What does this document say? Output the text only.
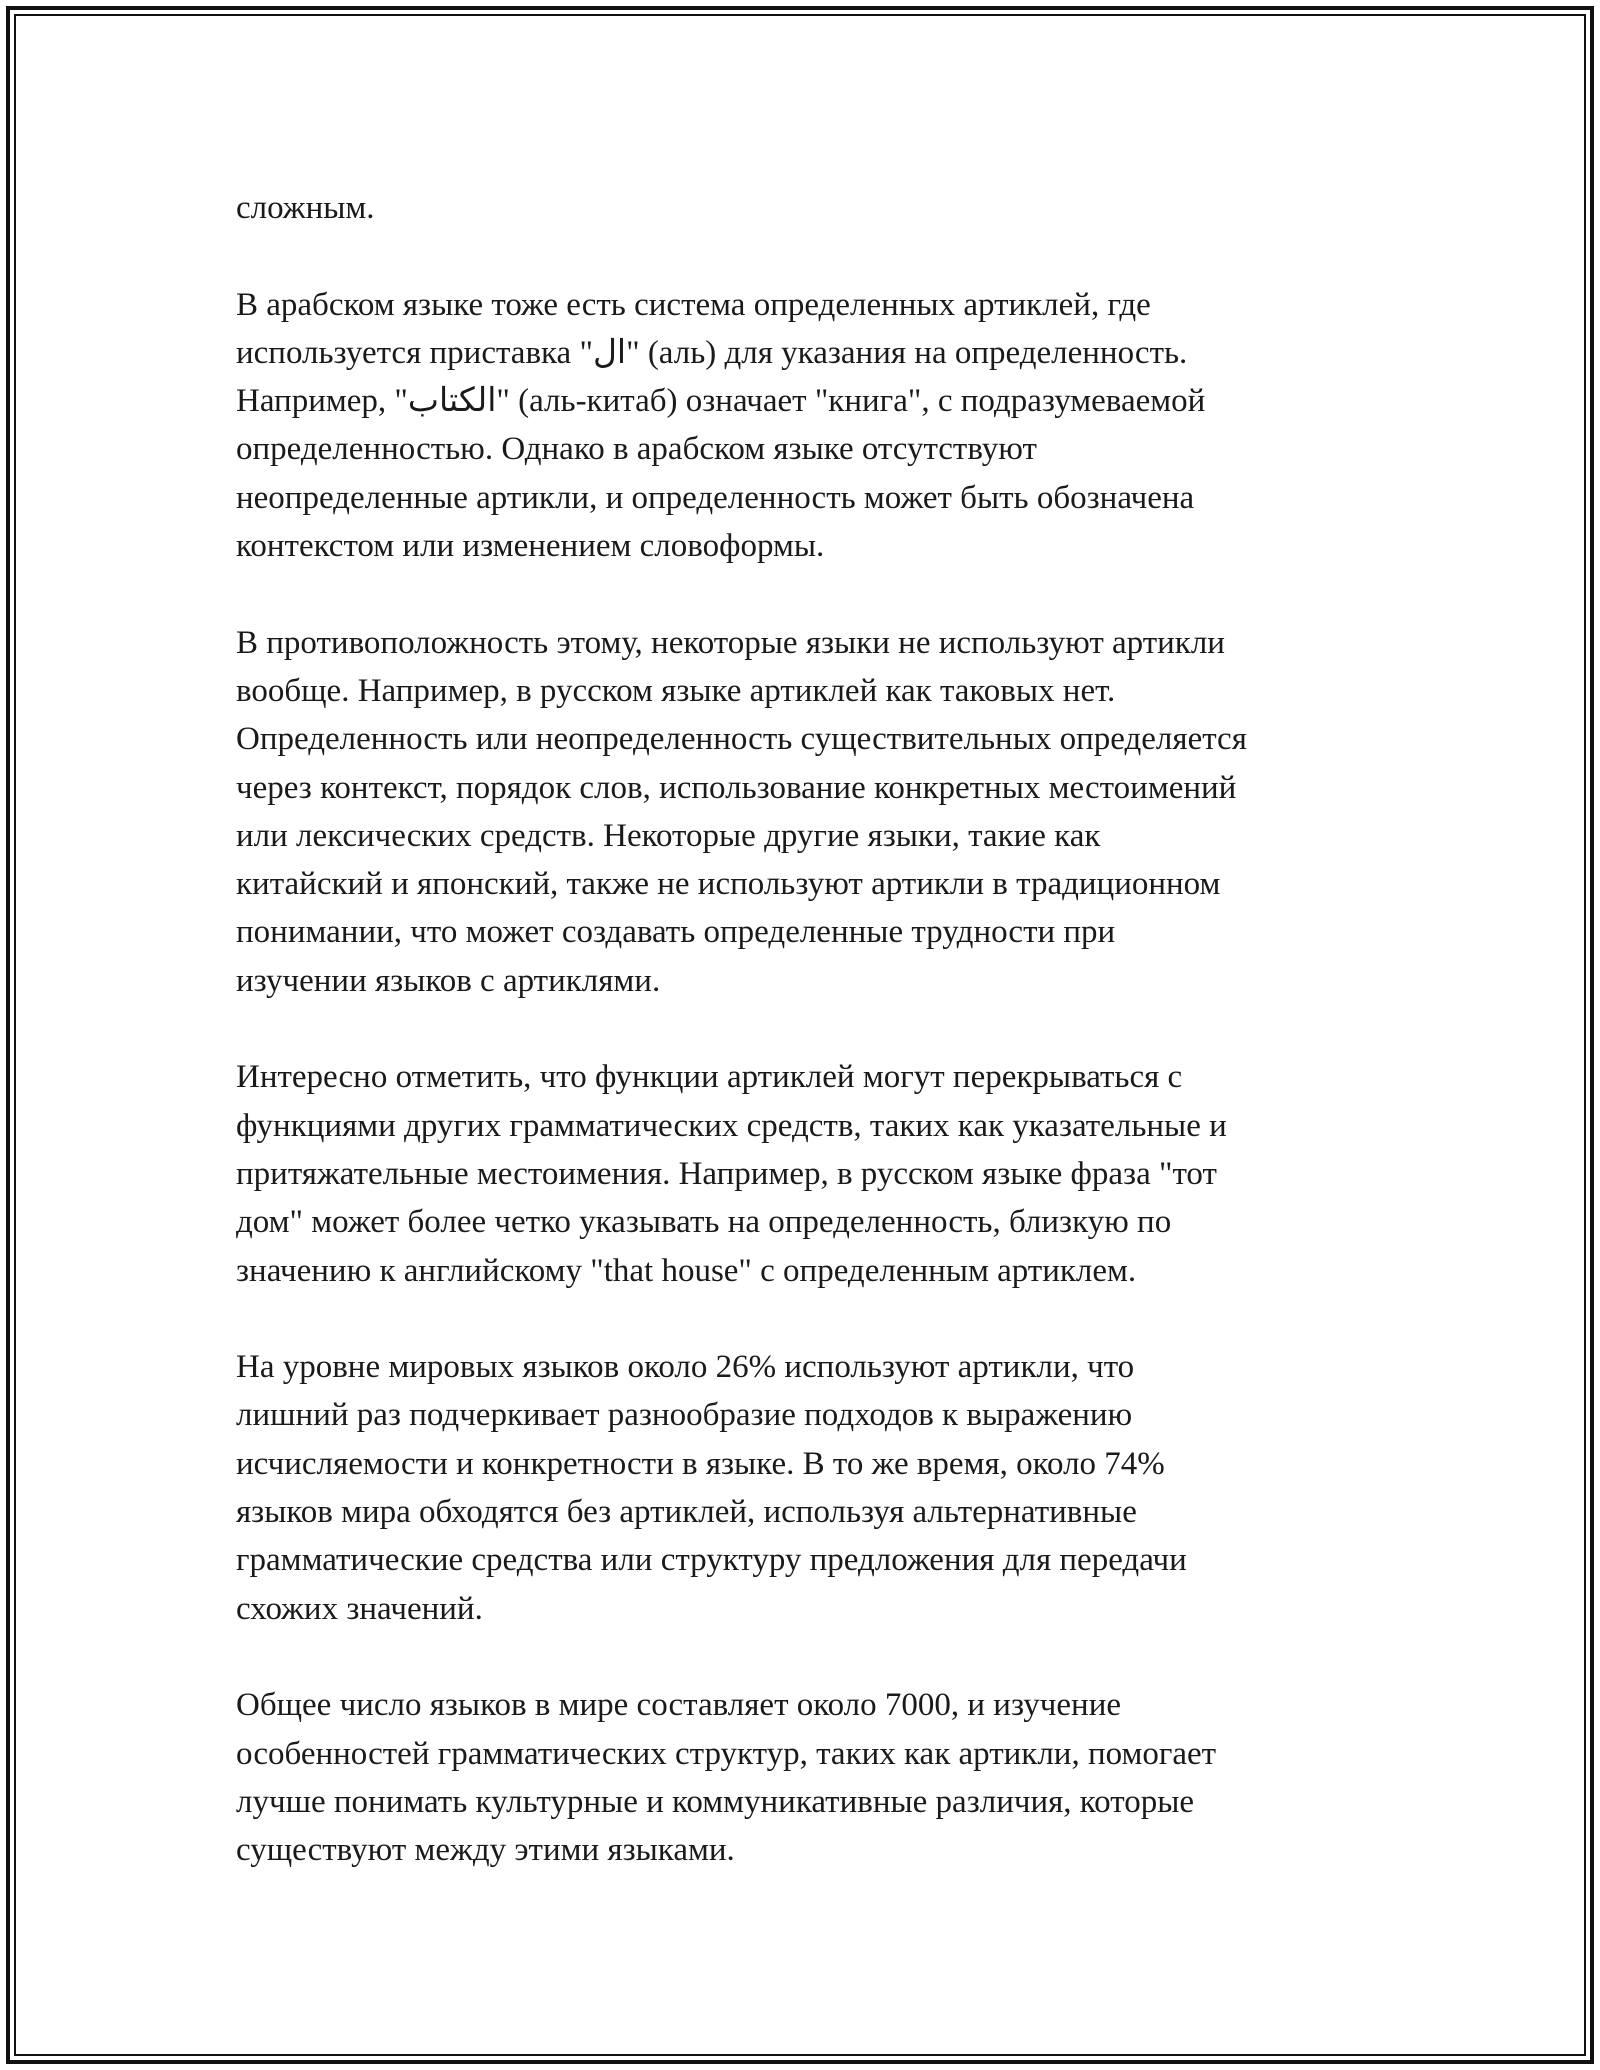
сложным.

В арабском языке тоже есть система определенных артиклей, где
используется приставка "ال" (аль) для указания на определенность.
Например, "الكتاب" (аль-китаб) означает "книга", с подразумеваемой
определенностью. Однако в арабском языке отсутствуют
неопределенные артикли, и определенность может быть обозначена
контекстом или изменением словоформы.

В противоположность этому, некоторые языки не используют артикли
вообще. Например, в русском языке артиклей как таковых нет.
Определенность или неопределенность существительных определяется
через контекст, порядок слов, использование конкретных местоимений
или лексических средств. Некоторые другие языки, такие как
китайский и японский, также не используют артикли в традиционном
понимании, что может создавать определенные трудности при
изучении языков с артиклями.

Интересно отметить, что функции артиклей могут перекрываться с
функциями других грамматических средств, таких как указательные и
притяжательные местоимения. Например, в русском языке фраза "тот
дом" может более четко указывать на определенность, близкую по
значению к английскому "that house" с определенным артиклем.

На уровне мировых языков около 26% используют артикли, что
лишний раз подчеркивает разнообразие подходов к выражению
исчисляемости и конкретности в языке. В то же время, около 74%
языков мира обходятся без артиклей, используя альтернативные
грамматические средства или структуру предложения для передачи
схожих значений.

Общее число языков в мире составляет около 7000, и изучение
особенностей грамматических структур, таких как артикли, помогает
лучше понимать культурные и коммуникативные различия, которые
существуют между этими языками.
